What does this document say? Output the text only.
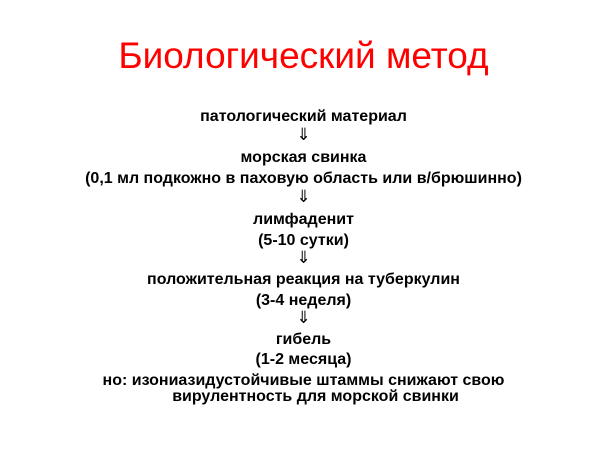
Биологический метод
патологический материал
⇓
морская свинка
(0,1 мл подкожно в паховую область или в/брюшинно)
⇓
лимфаденит
(5-10 сутки)
⇓
положительная реакция на туберкулин
(3-4 неделя)
⇓
гибель
(1-2 месяца)
но: изониазидустойчивые штаммы снижают свою
вирулентность для морской свинки
